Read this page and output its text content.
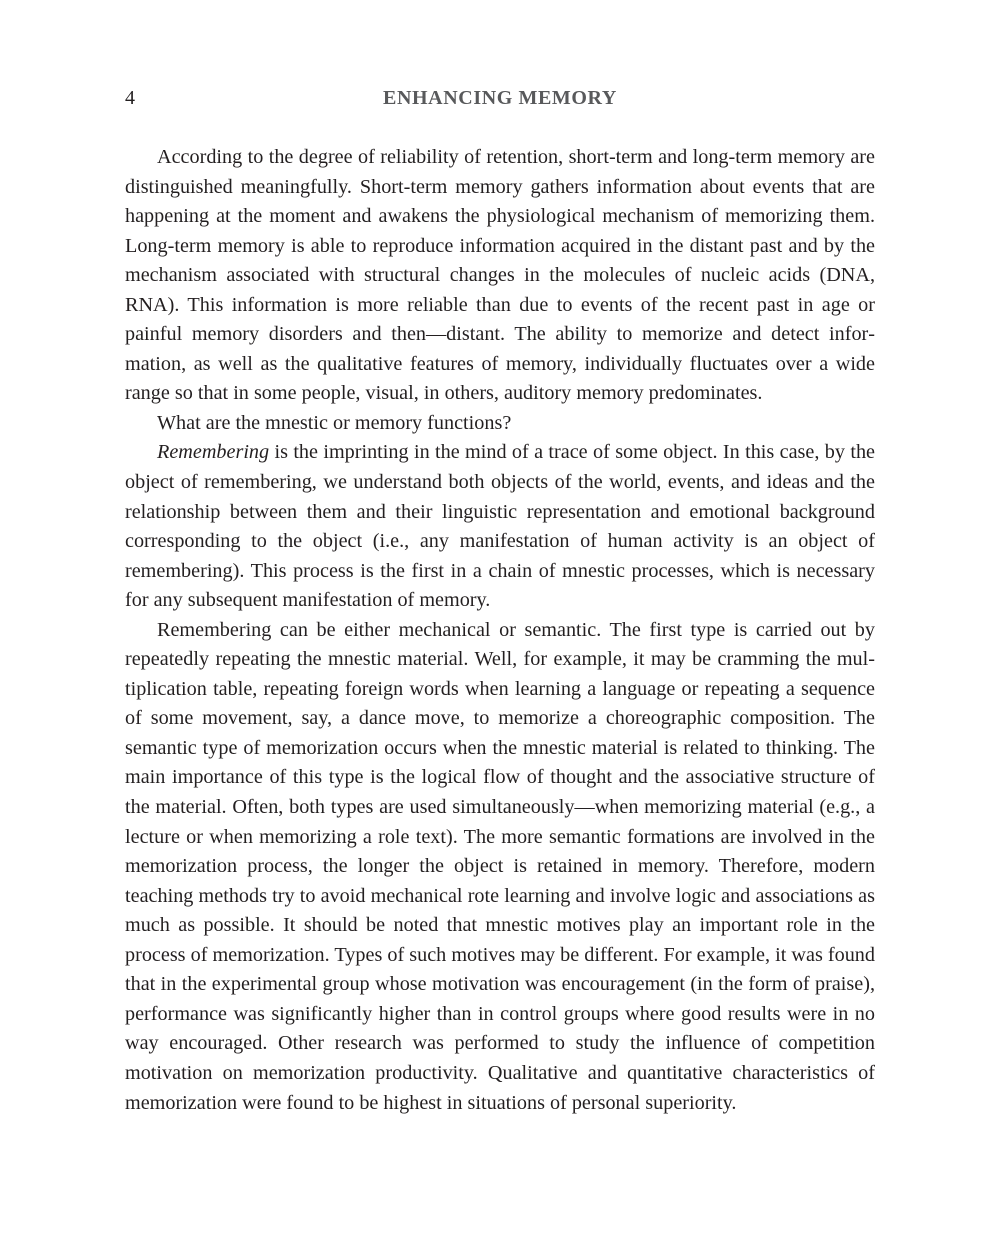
4	ENHANCING MEMORY

According to the degree of reliability of retention, short-term and long-term memory are distinguished meaningfully. Short-term memory gathers information about events that are happening at the moment and awakens the physiological mechanism of memorizing them. Long-term memory is able to reproduce information acquired in the distant past and by the mechanism associated with structural changes in the molecules of nucleic acids (DNA, RNA). This information is more reliable than due to events of the recent past in age or painful memory disorders and then—distant. The ability to memorize and detect information, as well as the qualitative features of memory, individually fluctuates over a wide range so that in some people, visual, in others, auditory memory predominates.

What are the mnestic or memory functions?

Remembering is the imprinting in the mind of a trace of some object. In this case, by the object of remembering, we understand both objects of the world, events, and ideas and the relationship between them and their linguistic representation and emotional background corresponding to the object (i.e., any manifestation of human activity is an object of remembering). This process is the first in a chain of mnestic processes, which is necessary for any subsequent manifestation of memory.

Remembering can be either mechanical or semantic. The first type is carried out by repeatedly repeating the mnestic material. Well, for example, it may be cramming the multiplication table, repeating foreign words when learning a language or repeating a sequence of some movement, say, a dance move, to memorize a choreographic composition. The semantic type of memorization occurs when the mnestic material is related to thinking. The main importance of this type is the logical flow of thought and the associative structure of the material. Often, both types are used simultaneously—when memorizing material (e.g., a lecture or when memorizing a role text). The more semantic formations are involved in the memorization process, the longer the object is retained in memory. Therefore, modern teaching methods try to avoid mechanical rote learning and involve logic and associations as much as possible. It should be noted that mnestic motives play an important role in the process of memorization. Types of such motives may be different. For example, it was found that in the experimental group whose motivation was encouragement (in the form of praise), performance was significantly higher than in control groups where good results were in no way encouraged. Other research was performed to study the influence of competition motivation on memorization productivity. Qualitative and quantitative characteristics of memorization were found to be highest in situations of personal superiority.
